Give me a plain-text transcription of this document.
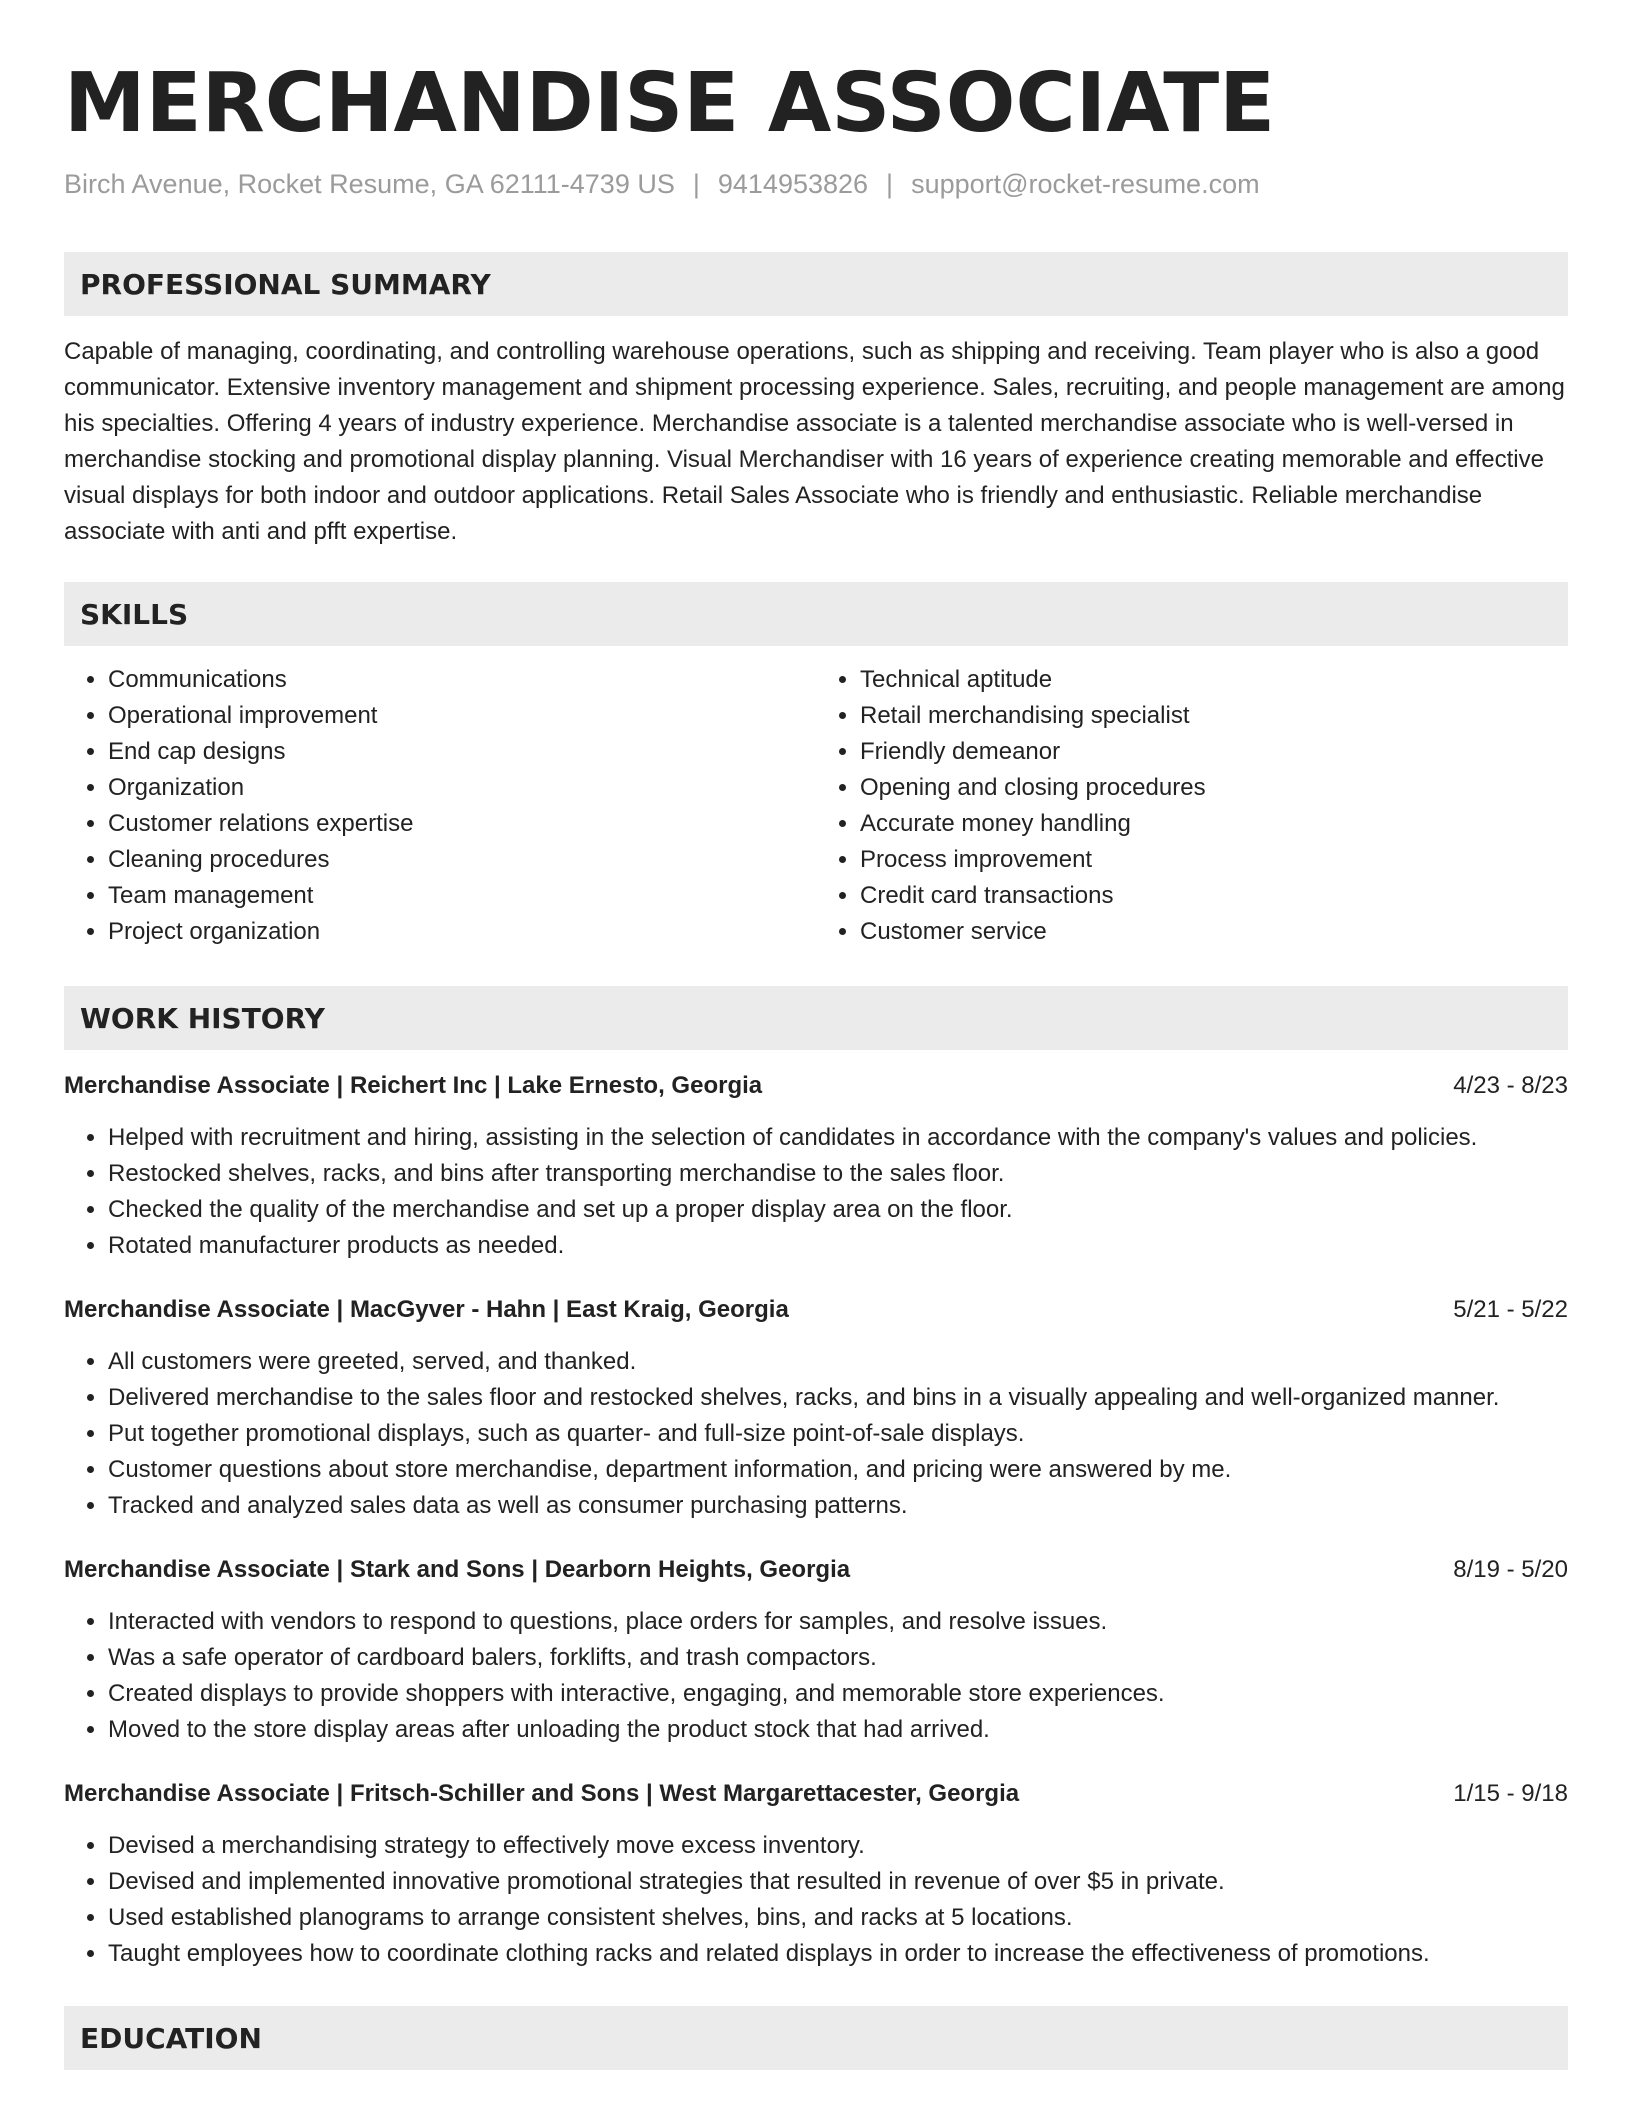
MERCHANDISE ASSOCIATE
Birch Avenue, Rocket Resume, GA 62111-4739 US | 9414953826 | support@rocket-resume.com
PROFESSIONAL SUMMARY

Capable of managing, coordinating, and controlling warehouse operations, such as shipping and receiving. Team player who is also a good communicator. Extensive inventory management and shipment processing experience. Sales, recruiting, and people management are among his specialties. Offering 4 years of industry experience. Merchandise associate is a talented merchandise associate who is well-versed in merchandise stocking and promotional display planning. Visual Merchandiser with 16 years of experience creating memorable and effective visual displays for both indoor and outdoor applications. Retail Sales Associate who is friendly and enthusiastic. Reliable merchandise associate with anti and pfft expertise.

SKILLS
• Communications
• Operational improvement
• End cap designs
• Organization
• Customer relations expertise
• Cleaning procedures
• Team management
• Project organization
• Technical aptitude
• Retail merchandising specialist
• Friendly demeanor
• Opening and closing procedures
• Accurate money handling
• Process improvement
• Credit card transactions
• Customer service
WORK HISTORY
Merchandise Associate | Reichert Inc | Lake Ernesto, Georgia	4/23 - 8/23
• Helped with recruitment and hiring, assisting in the selection of candidates in accordance with the company's values and policies.
• Restocked shelves, racks, and bins after transporting merchandise to the sales floor.
• Checked the quality of the merchandise and set up a proper display area on the floor.
• Rotated manufacturer products as needed.
Merchandise Associate | MacGyver - Hahn | East Kraig, Georgia	5/21 - 5/22
• All customers were greeted, served, and thanked.
• Delivered merchandise to the sales floor and restocked shelves, racks, and bins in a visually appealing and well-organized manner.
• Put together promotional displays, such as quarter- and full-size point-of-sale displays.
• Customer questions about store merchandise, department information, and pricing were answered by me.
• Tracked and analyzed sales data as well as consumer purchasing patterns.
Merchandise Associate | Stark and Sons | Dearborn Heights, Georgia	8/19 - 5/20
• Interacted with vendors to respond to questions, place orders for samples, and resolve issues.
• Was a safe operator of cardboard balers, forklifts, and trash compactors.
• Created displays to provide shoppers with interactive, engaging, and memorable store experiences.
• Moved to the store display areas after unloading the product stock that had arrived.
Merchandise Associate | Fritsch-Schiller and Sons | West Margarettacester, Georgia	1/15 - 9/18
• Devised a merchandising strategy to effectively move excess inventory.
• Devised and implemented innovative promotional strategies that resulted in revenue of over $5 in private.
• Used established planograms to arrange consistent shelves, bins, and racks at 5 locations.
• Taught employees how to coordinate clothing racks and related displays in order to increase the effectiveness of promotions.
EDUCATION
